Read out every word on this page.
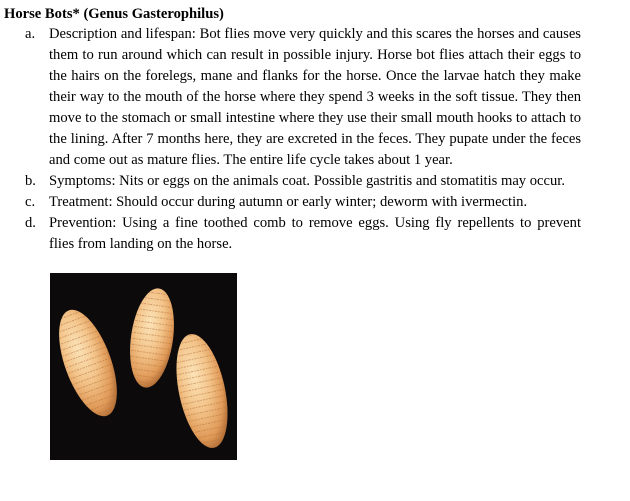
Horse Bots* (Genus Gasterophilus)
a. Description and lifespan: Bot flies move very quickly and this scares the horses and causes them to run around which can result in possible injury. Horse bot flies attach their eggs to the hairs on the forelegs, mane and flanks for the horse. Once the larvae hatch they make their way to the mouth of the horse where they spend 3 weeks in the soft tissue. They then move to the stomach or small intestine where they use their small mouth hooks to attach to the lining. After 7 months here, they are excreted in the feces. They pupate under the feces and come out as mature flies. The entire life cycle takes about 1 year.
b. Symptoms: Nits or eggs on the animals coat. Possible gastritis and stomatitis may occur.
c. Treatment: Should occur during autumn or early winter; deworm with ivermectin.
d. Prevention: Using a fine toothed comb to remove eggs. Using fly repellents to prevent flies from landing on the horse.
